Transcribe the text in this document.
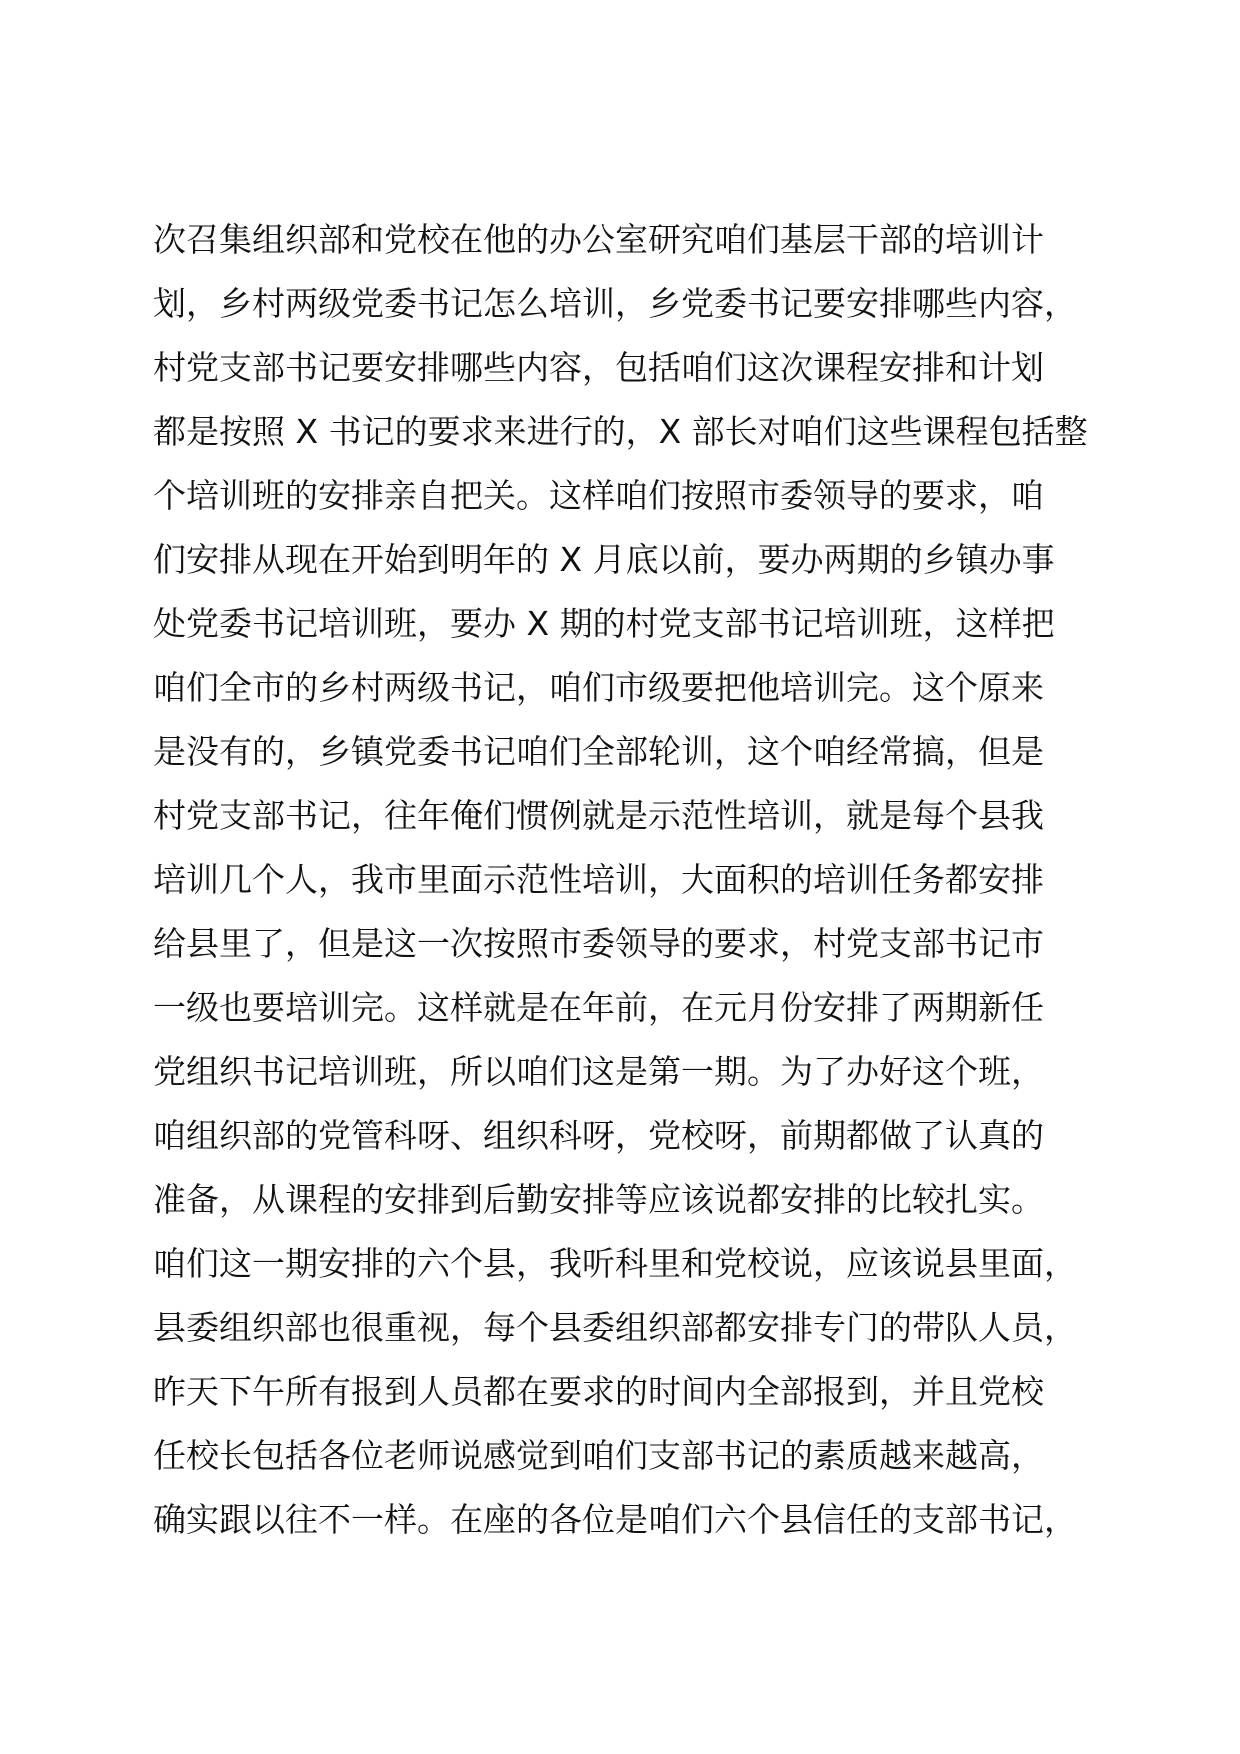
次召集组织部和党校在他的办公室研究咱们基层干部的培训计
划，乡村两级党委书记怎么培训，乡党委书记要安排哪些内容，
村党支部书记要安排哪些内容，包括咱们这次课程安排和计划
都是按照 X 书记的要求来进行的，X 部长对咱们这些课程包括整
个培训班的安排亲自把关。这样咱们按照市委领导的要求，咱
们安排从现在开始到明年的 X 月底以前，要办两期的乡镇办事
处党委书记培训班，要办 X 期的村党支部书记培训班，这样把
咱们全市的乡村两级书记，咱们市级要把他培训完。这个原来
是没有的，乡镇党委书记咱们全部轮训，这个咱经常搞，但是
村党支部书记，往年俺们惯例就是示范性培训，就是每个县我
培训几个人，我市里面示范性培训，大面积的培训任务都安排
给县里了，但是这一次按照市委领导的要求，村党支部书记市
一级也要培训完。这样就是在年前，在元月份安排了两期新任
党组织书记培训班，所以咱们这是第一期。为了办好这个班，
咱组织部的党管科呀、组织科呀，党校呀，前期都做了认真的
准备，从课程的安排到后勤安排等应该说都安排的比较扎实。
咱们这一期安排的六个县，我听科里和党校说，应该说县里面，
县委组织部也很重视，每个县委组织部都安排专门的带队人员，
昨天下午所有报到人员都在要求的时间内全部报到，并且党校
任校长包括各位老师说感觉到咱们支部书记的素质越来越高，
确实跟以往不一样。在座的各位是咱们六个县信任的支部书记，
